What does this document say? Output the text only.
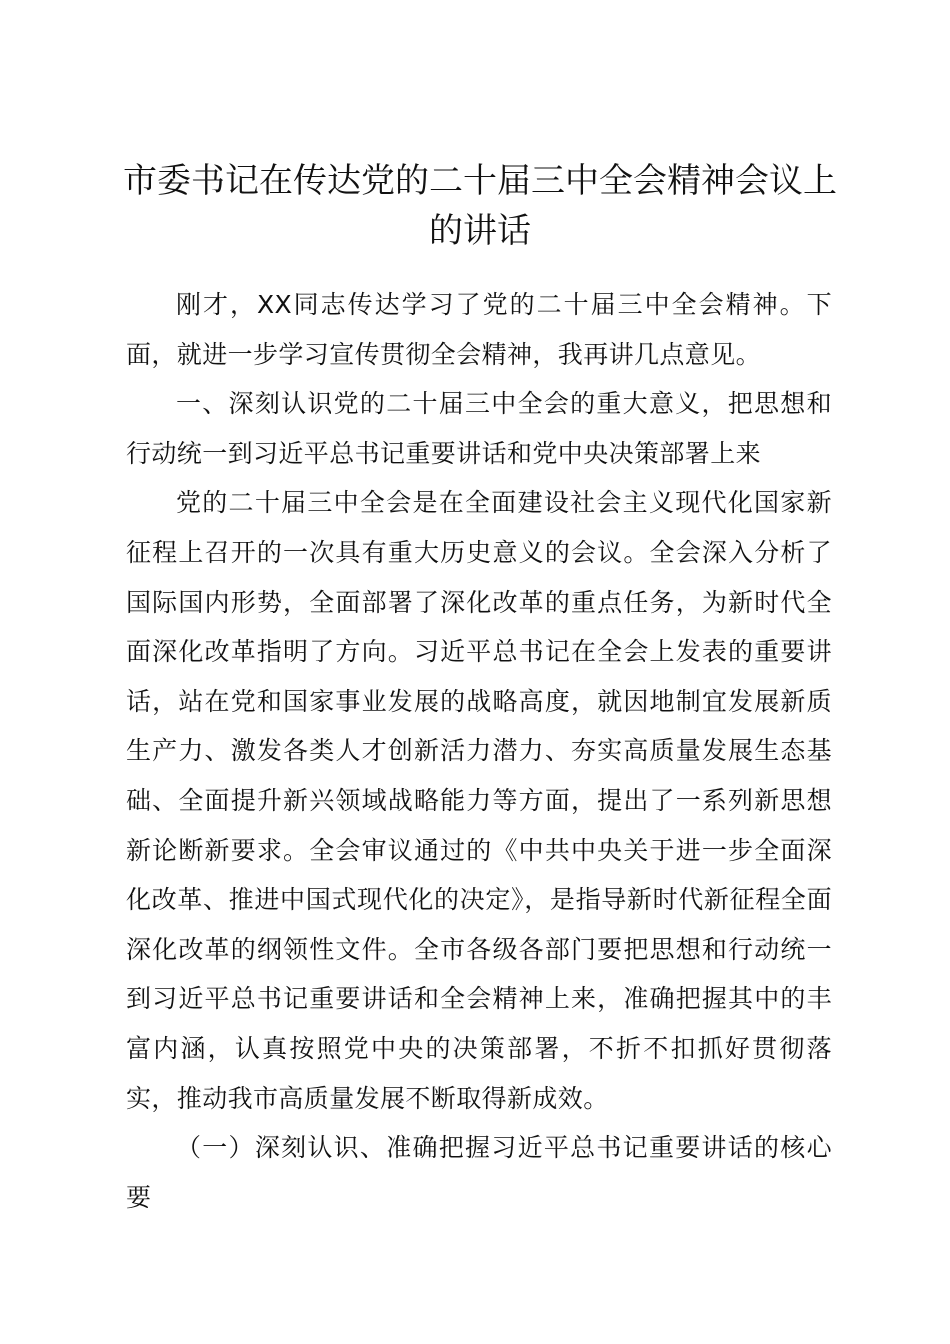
市委书记在传达党的二十届三中全会精神会议上的讲话

刚才，XX同志传达学习了党的二十届三中全会精神。下面，就进一步学习宣传贯彻全会精神，我再讲几点意见。

一、深刻认识党的二十届三中全会的重大意义，把思想和行动统一到习近平总书记重要讲话和党中央决策部署上来

党的二十届三中全会是在全面建设社会主义现代化国家新征程上召开的一次具有重大历史意义的会议。全会深入分析了国际国内形势，全面部署了深化改革的重点任务，为新时代全面深化改革指明了方向。习近平总书记在全会上发表的重要讲话，站在党和国家事业发展的战略高度，就因地制宜发展新质生产力、激发各类人才创新活力潜力、夯实高质量发展生态基础、全面提升新兴领域战略能力等方面，提出了一系列新思想新论断新要求。全会审议通过的《中共中央关于进一步全面深化改革、推进中国式现代化的决定》，是指导新时代新征程全面深化改革的纲领性文件。全市各级各部门要把思想和行动统一到习近平总书记重要讲话和全会精神上来，准确把握其中的丰富内涵，认真按照党中央的决策部署，不折不扣抓好贯彻落实，推动我市高质量发展不断取得新成效。

（一）深刻认识、准确把握习近平总书记重要讲话的核心要
